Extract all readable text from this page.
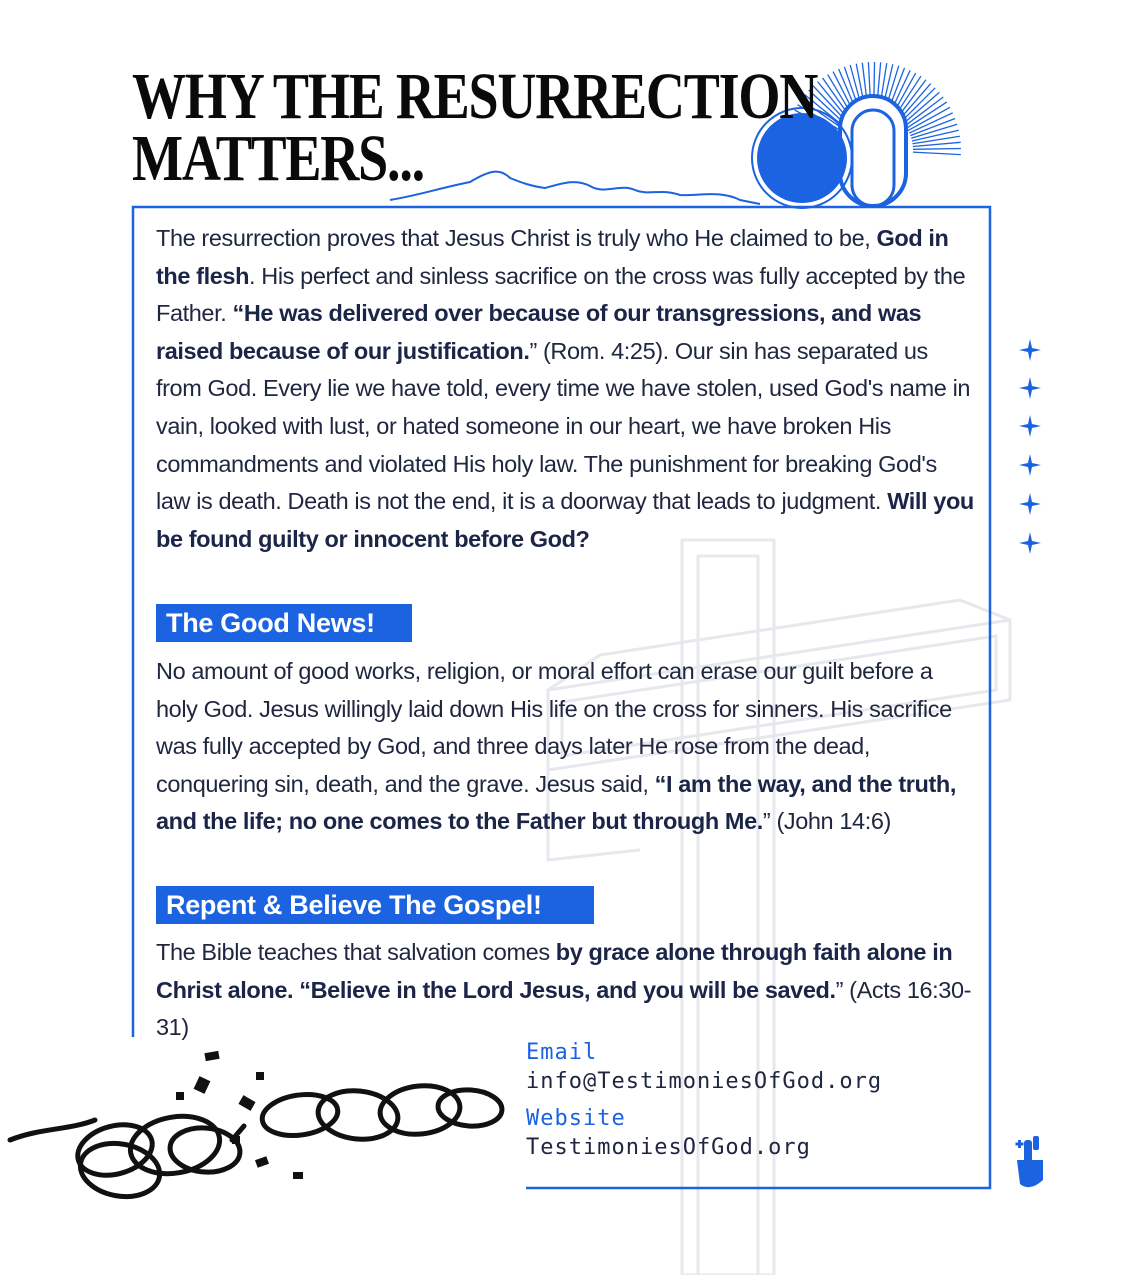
WHY THE RESURRECTION
MATTERS...

The resurrection proves that Jesus Christ is truly who He claimed to be, God in the flesh. His perfect and sinless sacrifice on the cross was fully accepted by the Father. “He was delivered over because of our transgressions, and was raised because of our justification.” (Rom. 4:25). Our sin has separated us from God. Every lie we have told, every time we have stolen, used God's name in vain, looked with lust, or hated someone in our heart, we have broken His commandments and violated His holy law. The punishment for breaking God's law is death. Death is not the end, it is a doorway that leads to judgment. Will you be found guilty or innocent before God?

The Good News!

No amount of good works, religion, or moral effort can erase our guilt before a holy God. Jesus willingly laid down His life on the cross for sinners. His sacrifice was fully accepted by God, and three days later He rose from the dead, conquering sin, death, and the grave. Jesus said, “I am the way, and the truth, and the life; no one comes to the Father but through Me.” (John 14:6)

Repent & Believe The Gospel!

The Bible teaches that salvation comes by grace alone through faith alone in Christ alone. “Believe in the Lord Jesus, and you will be saved.” (Acts 16:30-31)

Email
info@TestimoniesOfGod.org
Website
TestimoniesOfGod.org
